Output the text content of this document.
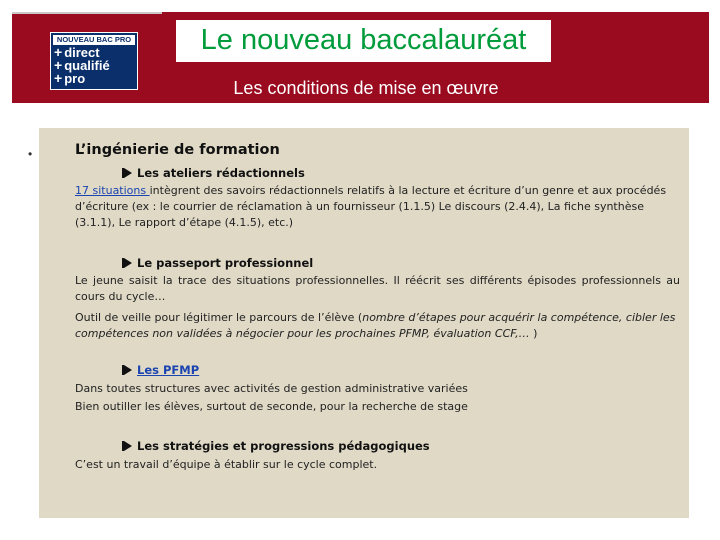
NOUVEAU BAC PRO
+ direct
+ qualifié
+ pro
Le nouveau baccalauréat
Les conditions de mise en œuvre
•	L’ingénierie de formation
Les ateliers rédactionnels
17 situations intègrent des savoirs rédactionnels relatifs à la lecture et écriture d’un genre et aux procédés d’écriture (ex : le courrier de réclamation à un fournisseur (1.1.5) Le discours (2.4.4), La fiche synthèse (3.1.1), Le rapport d’étape (4.1.5), etc.)
Le passeport professionnel
Le jeune saisit la trace des situations professionnelles. Il réécrit ses différents épisodes professionnels au cours du cycle…
Outil de veille pour légitimer le parcours de l’élève (nombre d’étapes pour acquérir la compétence, cibler les compétences non validées à négocier pour les prochaines PFMP, évaluation CCF,… )
Les PFMP
Dans toutes structures avec activités de gestion administrative variées
Bien outiller les élèves, surtout de seconde, pour la recherche de stage
Les stratégies et progressions pédagogiques
C’est un travail d’équipe à établir sur le cycle complet.
